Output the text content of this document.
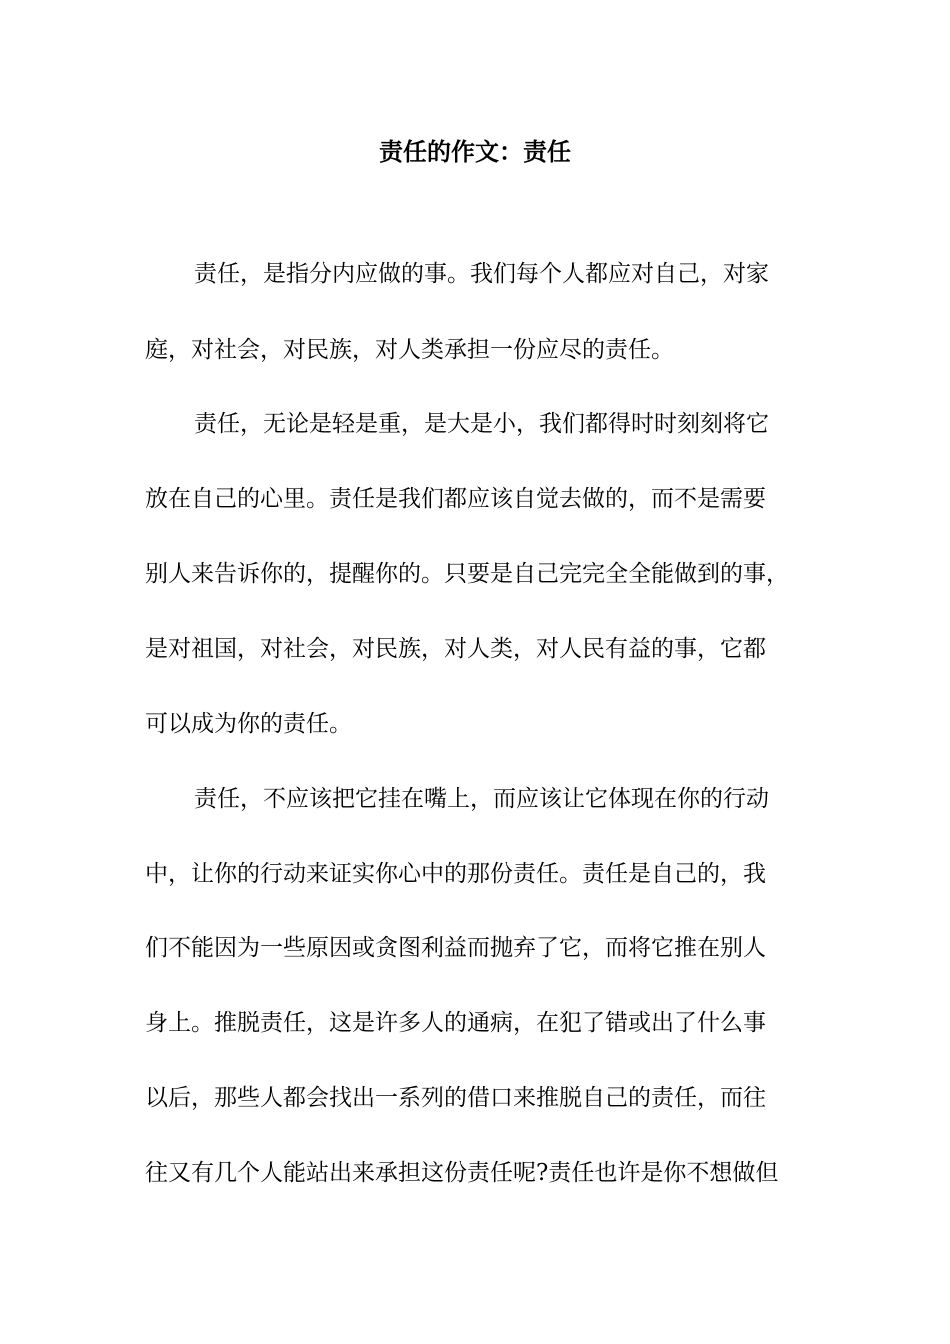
责任的作文：责任

责任，是指分内应做的事。我们每个人都应对自己，对家

庭，对社会，对民族，对人类承担一份应尽的责任。

责任，无论是轻是重，是大是小，我们都得时时刻刻将它

放在自己的心里。责任是我们都应该自觉去做的，而不是需要

别人来告诉你的，提醒你的。只要是自己完完全全能做到的事，

是对祖国，对社会，对民族，对人类，对人民有益的事，它都

可以成为你的责任。

责任，不应该把它挂在嘴上，而应该让它体现在你的行动

中，让你的行动来证实你心中的那份责任。责任是自己的，我

们不能因为一些原因或贪图利益而抛弃了它，而将它推在别人

身上。推脱责任，这是许多人的通病，在犯了错或出了什么事

以后，那些人都会找出一系列的借口来推脱自己的责任，而往

往又有几个人能站出来承担这份责任呢?责任也许是你不想做但
